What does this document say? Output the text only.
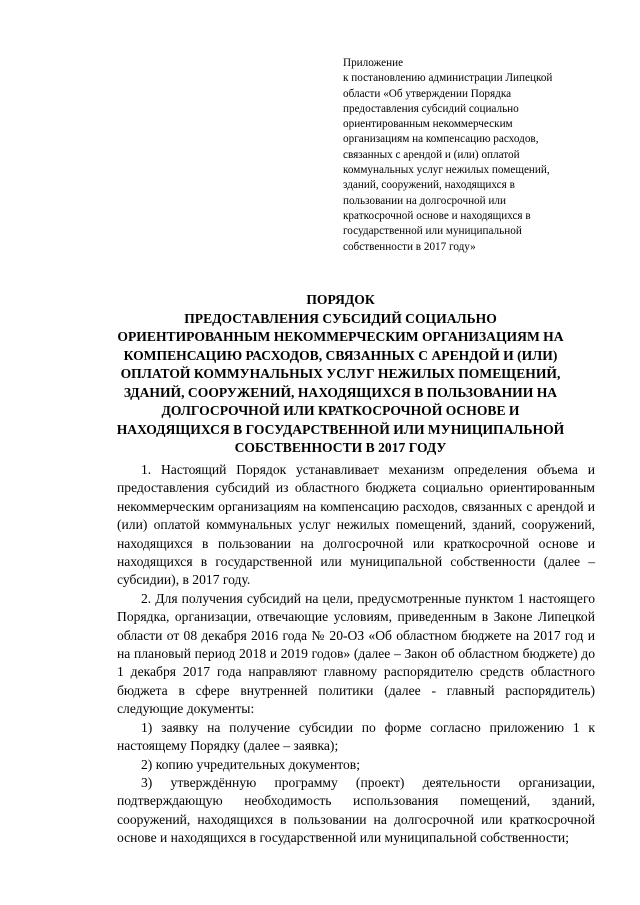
Приложение
к постановлению администрации Липецкой
области «Об утверждении Порядка
предоставления субсидий социально
ориентированным некоммерческим
организациям на компенсацию расходов,
связанных с арендой и (или) оплатой
коммунальных услуг нежилых помещений,
зданий, сооружений, находящихся в
пользовании на долгосрочной или
краткосрочной основе и находящихся в
государственной или муниципальной
собственности в 2017 году»
ПОРЯДОК
ПРЕДОСТАВЛЕНИЯ СУБСИДИЙ СОЦИАЛЬНО
ОРИЕНТИРОВАННЫМ НЕКОММЕРЧЕСКИМ ОРГАНИЗАЦИЯМ НА
КОМПЕНСАЦИЮ РАСХОДОВ, СВЯЗАННЫХ С АРЕНДОЙ И (ИЛИ)
ОПЛАТОЙ КОММУНАЛЬНЫХ УСЛУГ НЕЖИЛЫХ ПОМЕЩЕНИЙ,
ЗДАНИЙ, СООРУЖЕНИЙ, НАХОДЯЩИХСЯ В ПОЛЬЗОВАНИИ НА
ДОЛГОСРОЧНОЙ ИЛИ КРАТКОСРОЧНОЙ ОСНОВЕ И
НАХОДЯЩИХСЯ В ГОСУДАРСТВЕННОЙ ИЛИ МУНИЦИПАЛЬНОЙ
СОБСТВЕННОСТИ В 2017 ГОДУ

1. Настоящий Порядок устанавливает механизм определения объема и предоставления субсидий из областного бюджета социально ориентированным некоммерческим организациям на компенсацию расходов, связанных с арендой и (или) оплатой коммунальных услуг нежилых помещений, зданий, сооружений, находящихся в пользовании на долгосрочной или краткосрочной основе и находящихся в государственной или муниципальной собственности (далее – субсидии), в 2017 году.

2. Для получения субсидий на цели, предусмотренные пунктом 1 настоящего Порядка, организации, отвечающие условиям, приведенным в Законе Липецкой области от 08 декабря 2016 года № 20-ОЗ «Об областном бюджете на 2017 год и на плановый период 2018 и 2019 годов» (далее – Закон об областном бюджете) до 1 декабря 2017 года направляют главному распорядителю средств областного бюджета в сфере внутренней политики (далее - главный распорядитель) следующие документы:

1) заявку на получение субсидии по форме согласно приложению 1 к настоящему Порядку (далее – заявка);

2) копию учредительных документов;

3) утверждённую программу (проект) деятельности организации, подтверждающую необходимость использования помещений, зданий, сооружений, находящихся в пользовании на долгосрочной или краткосрочной основе и находящихся в государственной или муниципальной собственности;
